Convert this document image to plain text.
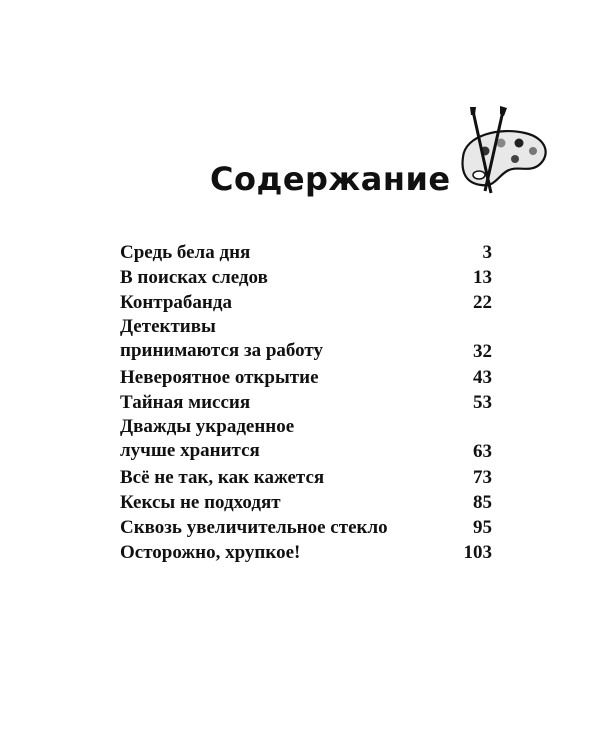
Содержание
Средь бела дня	3
В поисках следов	13
Контрабанда	22
Детективы
принимаются за работу	32
Невероятное открытие	43
Тайная миссия	53
Дважды украденное
лучше хранится	63
Всё не так, как кажется	73
Кексы не подходят	85
Сквозь увеличительное стекло	95
Осторожно, хрупкое!	103
